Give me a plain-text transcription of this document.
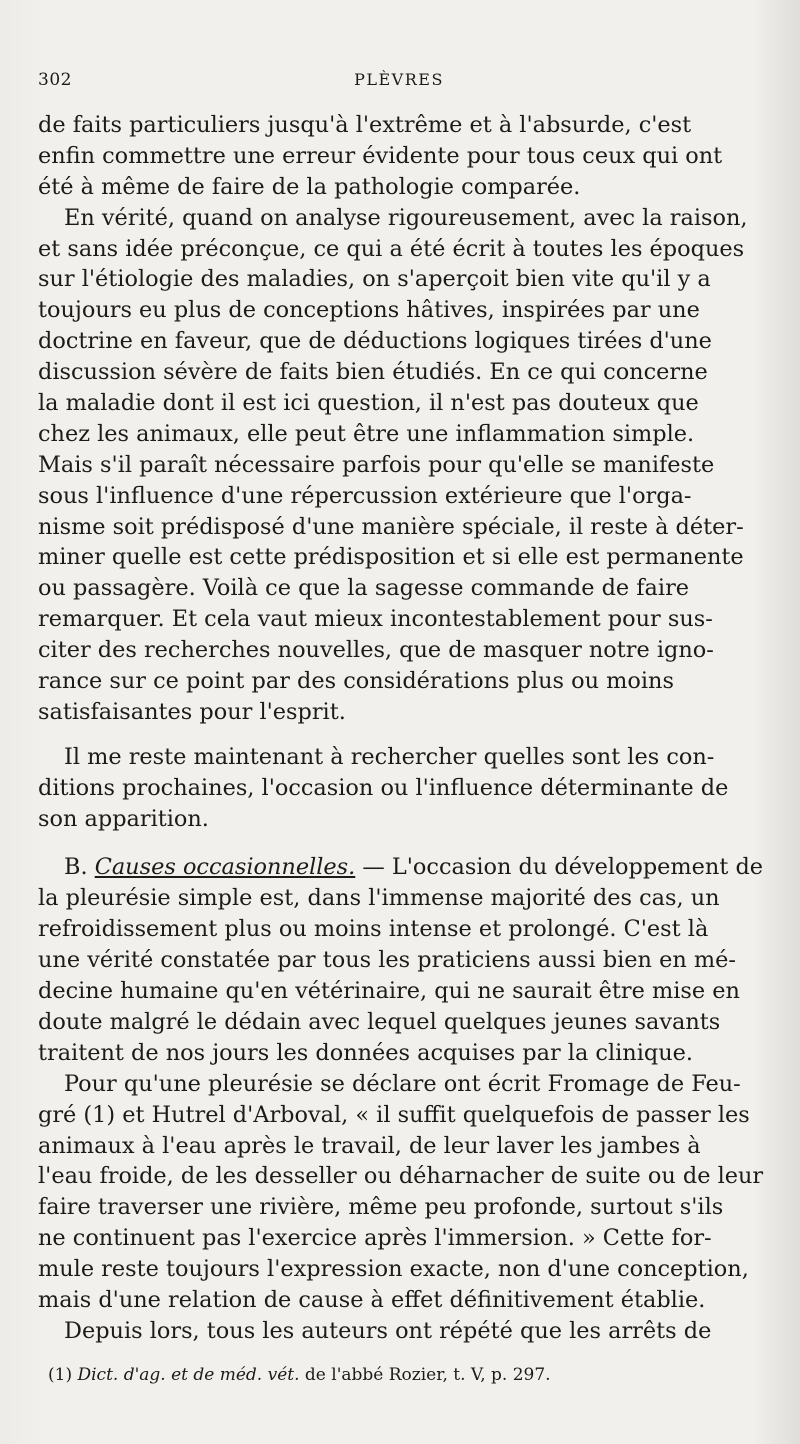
302	PLÈVRES
de faits particuliers jusqu'à l'extrême et à l'absurde, c'est
enfin commettre une erreur évidente pour tous ceux qui ont
été à même de faire de la pathologie comparée.
En vérité, quand on analyse rigoureusement, avec la raison,
et sans idée préconçue, ce qui a été écrit à toutes les époques
sur l'étiologie des maladies, on s'aperçoit bien vite qu'il y a
toujours eu plus de conceptions hâtives, inspirées par une
doctrine en faveur, que de déductions logiques tirées d'une
discussion sévère de faits bien étudiés. En ce qui concerne
la maladie dont il est ici question, il n'est pas douteux que
chez les animaux, elle peut être une inflammation simple.
Mais s'il paraît nécessaire parfois pour qu'elle se manifeste
sous l'influence d'une répercussion extérieure que l'orga-
nisme soit prédisposé d'une manière spéciale, il reste à déter-
miner quelle est cette prédisposition et si elle est permanente
ou passagère. Voilà ce que la sagesse commande de faire
remarquer. Et cela vaut mieux incontestablement pour sus-
citer des recherches nouvelles, que de masquer notre igno-
rance sur ce point par des considérations plus ou moins
satisfaisantes pour l'esprit.
Il me reste maintenant à rechercher quelles sont les con-
ditions prochaines, l'occasion ou l'influence déterminante de
son apparition.
B. Causes occasionnelles. — L'occasion du développement de
la pleurésie simple est, dans l'immense majorité des cas, un
refroidissement plus ou moins intense et prolongé. C'est là
une vérité constatée par tous les praticiens aussi bien en mé-
decine humaine qu'en vétérinaire, qui ne saurait être mise en
doute malgré le dédain avec lequel quelques jeunes savants
traitent de nos jours les données acquises par la clinique.
Pour qu'une pleurésie se déclare ont écrit Fromage de Feu-
gré (1) et Hutrel d'Arboval, « il suffit quelquefois de passer les
animaux à l'eau après le travail, de leur laver les jambes à
l'eau froide, de les desseller ou déharnacher de suite ou de leur
faire traverser une rivière, même peu profonde, surtout s'ils
ne continuent pas l'exercice après l'immersion. » Cette for-
mule reste toujours l'expression exacte, non d'une conception,
mais d'une relation de cause à effet définitivement établie.
Depuis lors, tous les auteurs ont répété que les arrêts de
(1) Dict. d'ag. et de méd. vét. de l'abbé Rozier, t. V, p. 297.
